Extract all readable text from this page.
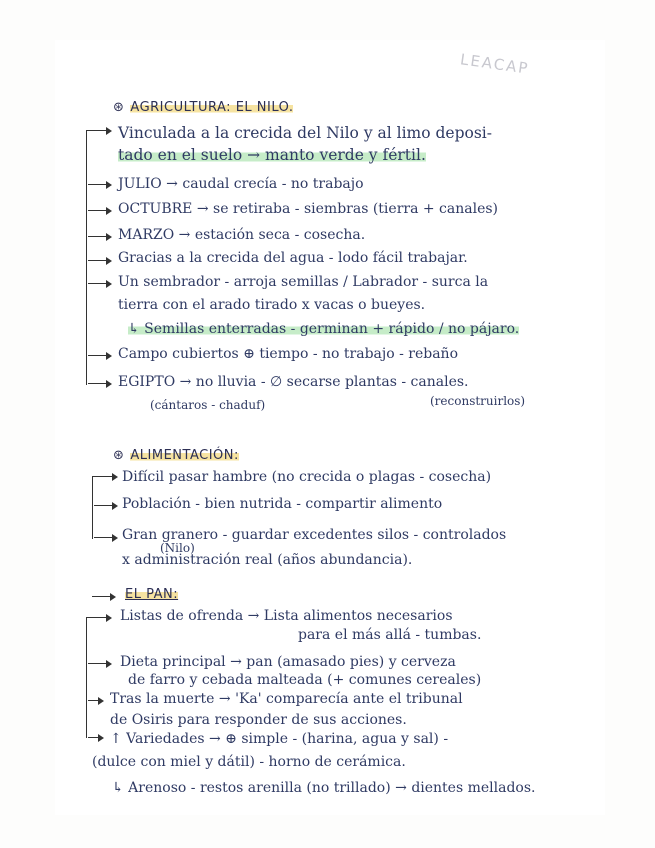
LEACAP
⊛ AGRICULTURA: EL NILO.
Vinculada a la crecida del Nilo y al limo deposi-
tado en el suelo → manto verde y fértil.
JULIO → caudal crecía - no trabajo
OCTUBRE → se retiraba - siembras (tierra + canales)
MARZO → estación seca - cosecha.
Gracias a la crecida del agua - lodo fácil trabajar.
Un sembrador - arroja semillas / Labrador - surca la
tierra con el arado tirado x vacas o bueyes.
↳ Semillas enterradas - germinan + rápido / no pájaro.
Campo cubiertos ⊕ tiempo - no trabajo - rebaño
EGIPTO → no lluvia - ∅ secarse plantas - canales.
(cántaros - chaduf)	(reconstruirlos)
⊛ ALIMENTACIÓN:
Difícil pasar hambre (no crecida o plagas - cosecha)
Población - bien nutrida - compartir alimento
Gran granero - guardar excedentes silos - controlados
(Nilo)
x administración real (años abundancia).
EL PAN:
Listas de ofrenda → Lista alimentos necesarios
para el más allá - tumbas.
Dieta principal → pan (amasado pies) y cerveza
de farro y cebada malteada (+ comunes cereales)
Tras la muerte → 'Ka' comparecía ante el tribunal
de Osiris para responder de sus acciones.
↑ Variedades → ⊕ simple - (harina, agua y sal) -
(dulce con miel y dátil) - horno de cerámica.
↳ Arenoso - restos arenilla (no trillado) → dientes mellados.
